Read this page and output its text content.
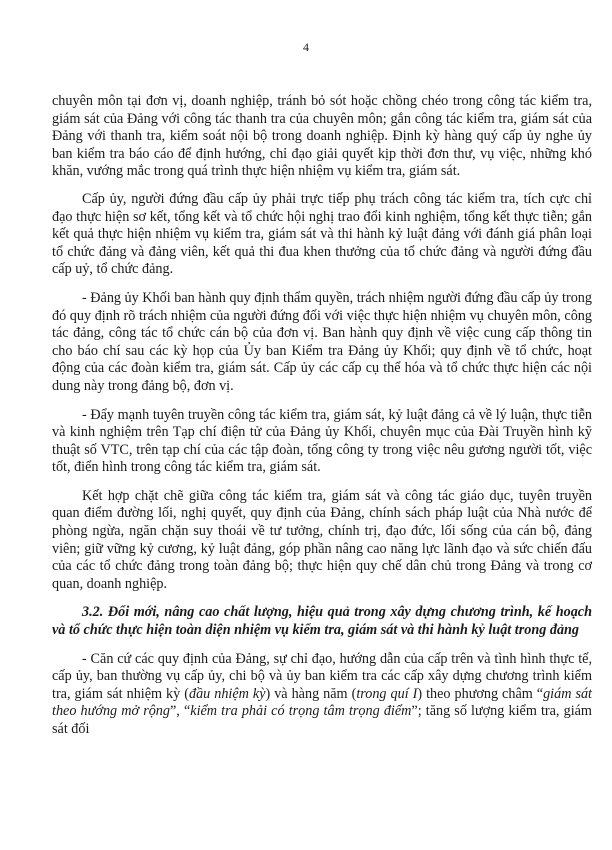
4

chuyên môn tại đơn vị, doanh nghiệp, tránh bỏ sót hoặc chồng chéo trong công tác kiểm tra, giám sát của Đảng với công tác thanh tra của chuyên môn; gắn công tác kiểm tra, giám sát của Đảng với thanh tra, kiểm soát nội bộ trong doanh nghiệp. Định kỳ hàng quý cấp ủy nghe ủy ban kiểm tra báo cáo để định hướng, chỉ đạo giải quyết kịp thời đơn thư, vụ việc, những khó khăn, vướng mắc trong quá trình thực hiện nhiệm vụ kiểm tra, giám sát.

Cấp ủy, người đứng đầu cấp ủy phải trực tiếp phụ trách công tác kiểm tra, tích cực chỉ đạo thực hiện sơ kết, tổng kết và tổ chức hội nghị trao đổi kinh nghiệm, tổng kết thực tiễn; gắn kết quả thực hiện nhiệm vụ kiểm tra, giám sát và thi hành kỷ luật đảng với đánh giá phân loại tổ chức đảng và đảng viên, kết quả thi đua khen thưởng của tổ chức đảng và người đứng đầu cấp uỷ, tổ chức đảng.

- Đảng ủy Khối ban hành quy định thẩm quyền, trách nhiệm người đứng đầu cấp ủy trong đó quy định rõ trách nhiệm của người đứng đối với việc thực hiện nhiệm vụ chuyên môn, công tác đảng, công tác tổ chức cán bộ của đơn vị. Ban hành quy định về việc cung cấp thông tin cho báo chí sau các kỳ họp của Ủy ban Kiểm tra Đảng ủy Khối; quy định về tổ chức, hoạt động của các đoàn kiểm tra, giám sát. Cấp ủy các cấp cụ thể hóa và tổ chức thực hiện các nội dung này trong đảng bộ, đơn vị.

- Đẩy mạnh tuyên truyền công tác kiểm tra, giám sát, kỷ luật đảng cả về lý luận, thực tiễn và kinh nghiệm trên Tạp chí điện tử của Đảng ủy Khối, chuyên mục của Đài Truyền hình kỹ thuật số VTC, trên tạp chí của các tập đoàn, tổng công ty trong việc nêu gương người tốt, việc tốt, điển hình trong công tác kiểm tra, giám sát.

Kết hợp chặt chẽ giữa công tác kiểm tra, giám sát và công tác giáo dục, tuyên truyền quan điểm đường lối, nghị quyết, quy định của Đảng, chính sách pháp luật của Nhà nước để phòng ngừa, ngăn chặn suy thoái về tư tưởng, chính trị, đạo đức, lối sống của cán bộ, đảng viên; giữ vững kỷ cương, kỷ luật đảng, góp phần nâng cao năng lực lãnh đạo và sức chiến đấu của các tổ chức đảng trong toàn đảng bộ; thực hiện quy chế dân chủ trong Đảng và trong cơ quan, doanh nghiệp.

3.2. Đổi mới, nâng cao chất lượng, hiệu quả trong xây dựng chương trình, kế hoạch và tổ chức thực hiện toàn diện nhiệm vụ kiểm tra, giám sát và thi hành kỷ luật trong đảng

- Căn cứ các quy định của Đảng, sự chỉ đạo, hướng dẫn của cấp trên và tình hình thực tế, cấp ủy, ban thường vụ cấp ủy, chi bộ và ủy ban kiểm tra các cấp xây dựng chương trình kiểm tra, giám sát nhiệm kỳ (đầu nhiệm kỳ) và hàng năm (trong quí I) theo phương châm “giám sát theo hướng mở rộng”, “kiểm tra phải có trọng tâm trọng điểm”; tăng số lượng kiểm tra, giám sát đối
